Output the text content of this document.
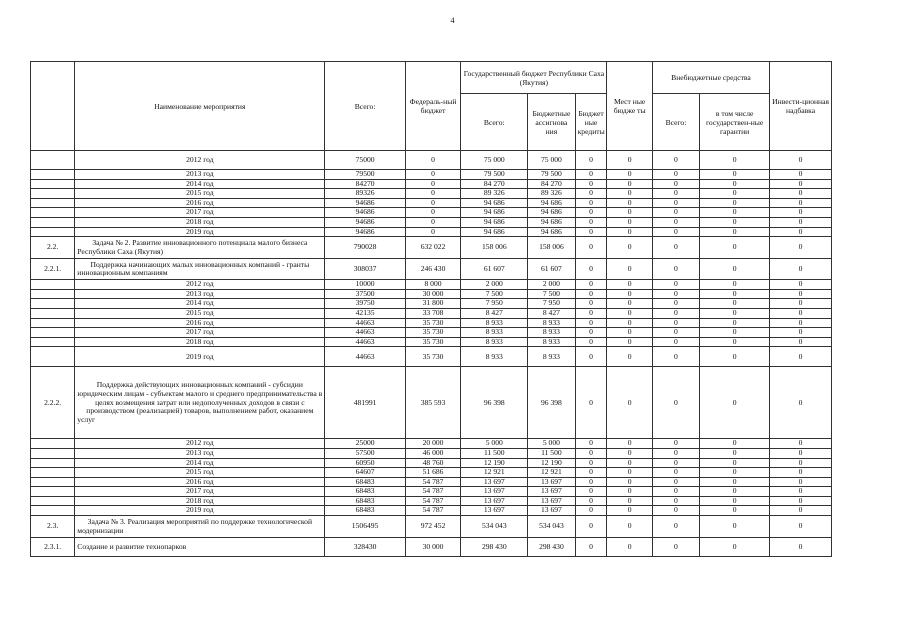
4
	Наименование мероприятия	Всего:	Федераль-ный бюджет	Государственный бюджет Республики Саха (Якутия)			Мест ные бюдже ты	Внебюджетные средства		Инвести-ционная надбавка
				Всего:	Бюджетные ассигнова ния	Бюджет ные кредиты		Всего:	в том числе государствен-ные гарантии	
	2012 год	75000	0	75 000	75 000	0	0	0	0	0
	2013 год	79500	0	79 500	79 500	0	0	0	0	0
	2014 год	84270	0	84 270	84 270	0	0	0	0	0
	2015 год	89326	0	89 326	89 326	0	0	0	0	0
	2016 год	94686	0	94 686	94 686	0	0	0	0	0
	2017 год	94686	0	94 686	94 686	0	0	0	0	0
	2018 год	94686	0	94 686	94 686	0	0	0	0	0
	2019 год	94686	0	94 686	94 686	0	0	0	0	0
2.2.	Задача № 2. Развитие инновационного потенциала малого бизнеса Республики Саха (Якутия)	790028	632 022	158 006	158 006	0	0	0	0	0
2.2.1.	Поддержка начинающих малых инновационных компаний - гранты инновационным компаниям	308037	246 430	61 607	61 607	0	0	0	0	0
	2012 год	10000	8 000	2 000	2 000	0	0	0	0	0
	2013 год	37500	30 000	7 500	7 500	0	0	0	0	0
	2014 год	39750	31 800	7 950	7 950	0	0	0	0	0
	2015 год	42135	33 708	8 427	8 427	0	0	0	0	0
	2016 год	44663	35 730	8 933	8 933	0	0	0	0	0
	2017 год	44663	35 730	8 933	8 933	0	0	0	0	0
	2018 год	44663	35 730	8 933	8 933	0	0	0	0	0
	2019 год	44663	35 730	8 933	8 933	0	0	0	0	0
2.2.2.	Поддержка действующих инновационных компаний - субсидии юридическим лицам - субъектам малого и среднего предпринимательства в целях возмещения затрат или недополученных доходов в связи с производством (реализацией) товаров, выполнением работ, оказанием услуг	481991	385 593	96 398	96 398	0	0	0	0	0
	2012 год	25000	20 000	5 000	5 000	0	0	0	0	0
	2013 год	57500	46 000	11 500	11 500	0	0	0	0	0
	2014 год	60950	48 760	12 190	12 190	0	0	0	0	0
	2015 год	64607	51 686	12 921	12 921	0	0	0	0	0
	2016 год	68483	54 787	13 697	13 697	0	0	0	0	0
	2017 год	68483	54 787	13 697	13 697	0	0	0	0	0
	2018 год	68483	54 787	13 697	13 697	0	0	0	0	0
	2019 год	68483	54 787	13 697	13 697	0	0	0	0	0
2.3.	Задача № 3. Реализация мероприятий по поддержке технологической модернизации	1506495	972 452	534 043	534 043	0	0	0	0	0
2.3.1.	Создание и развитие технопарков	328430	30 000	298 430	298 430	0	0	0	0	0
